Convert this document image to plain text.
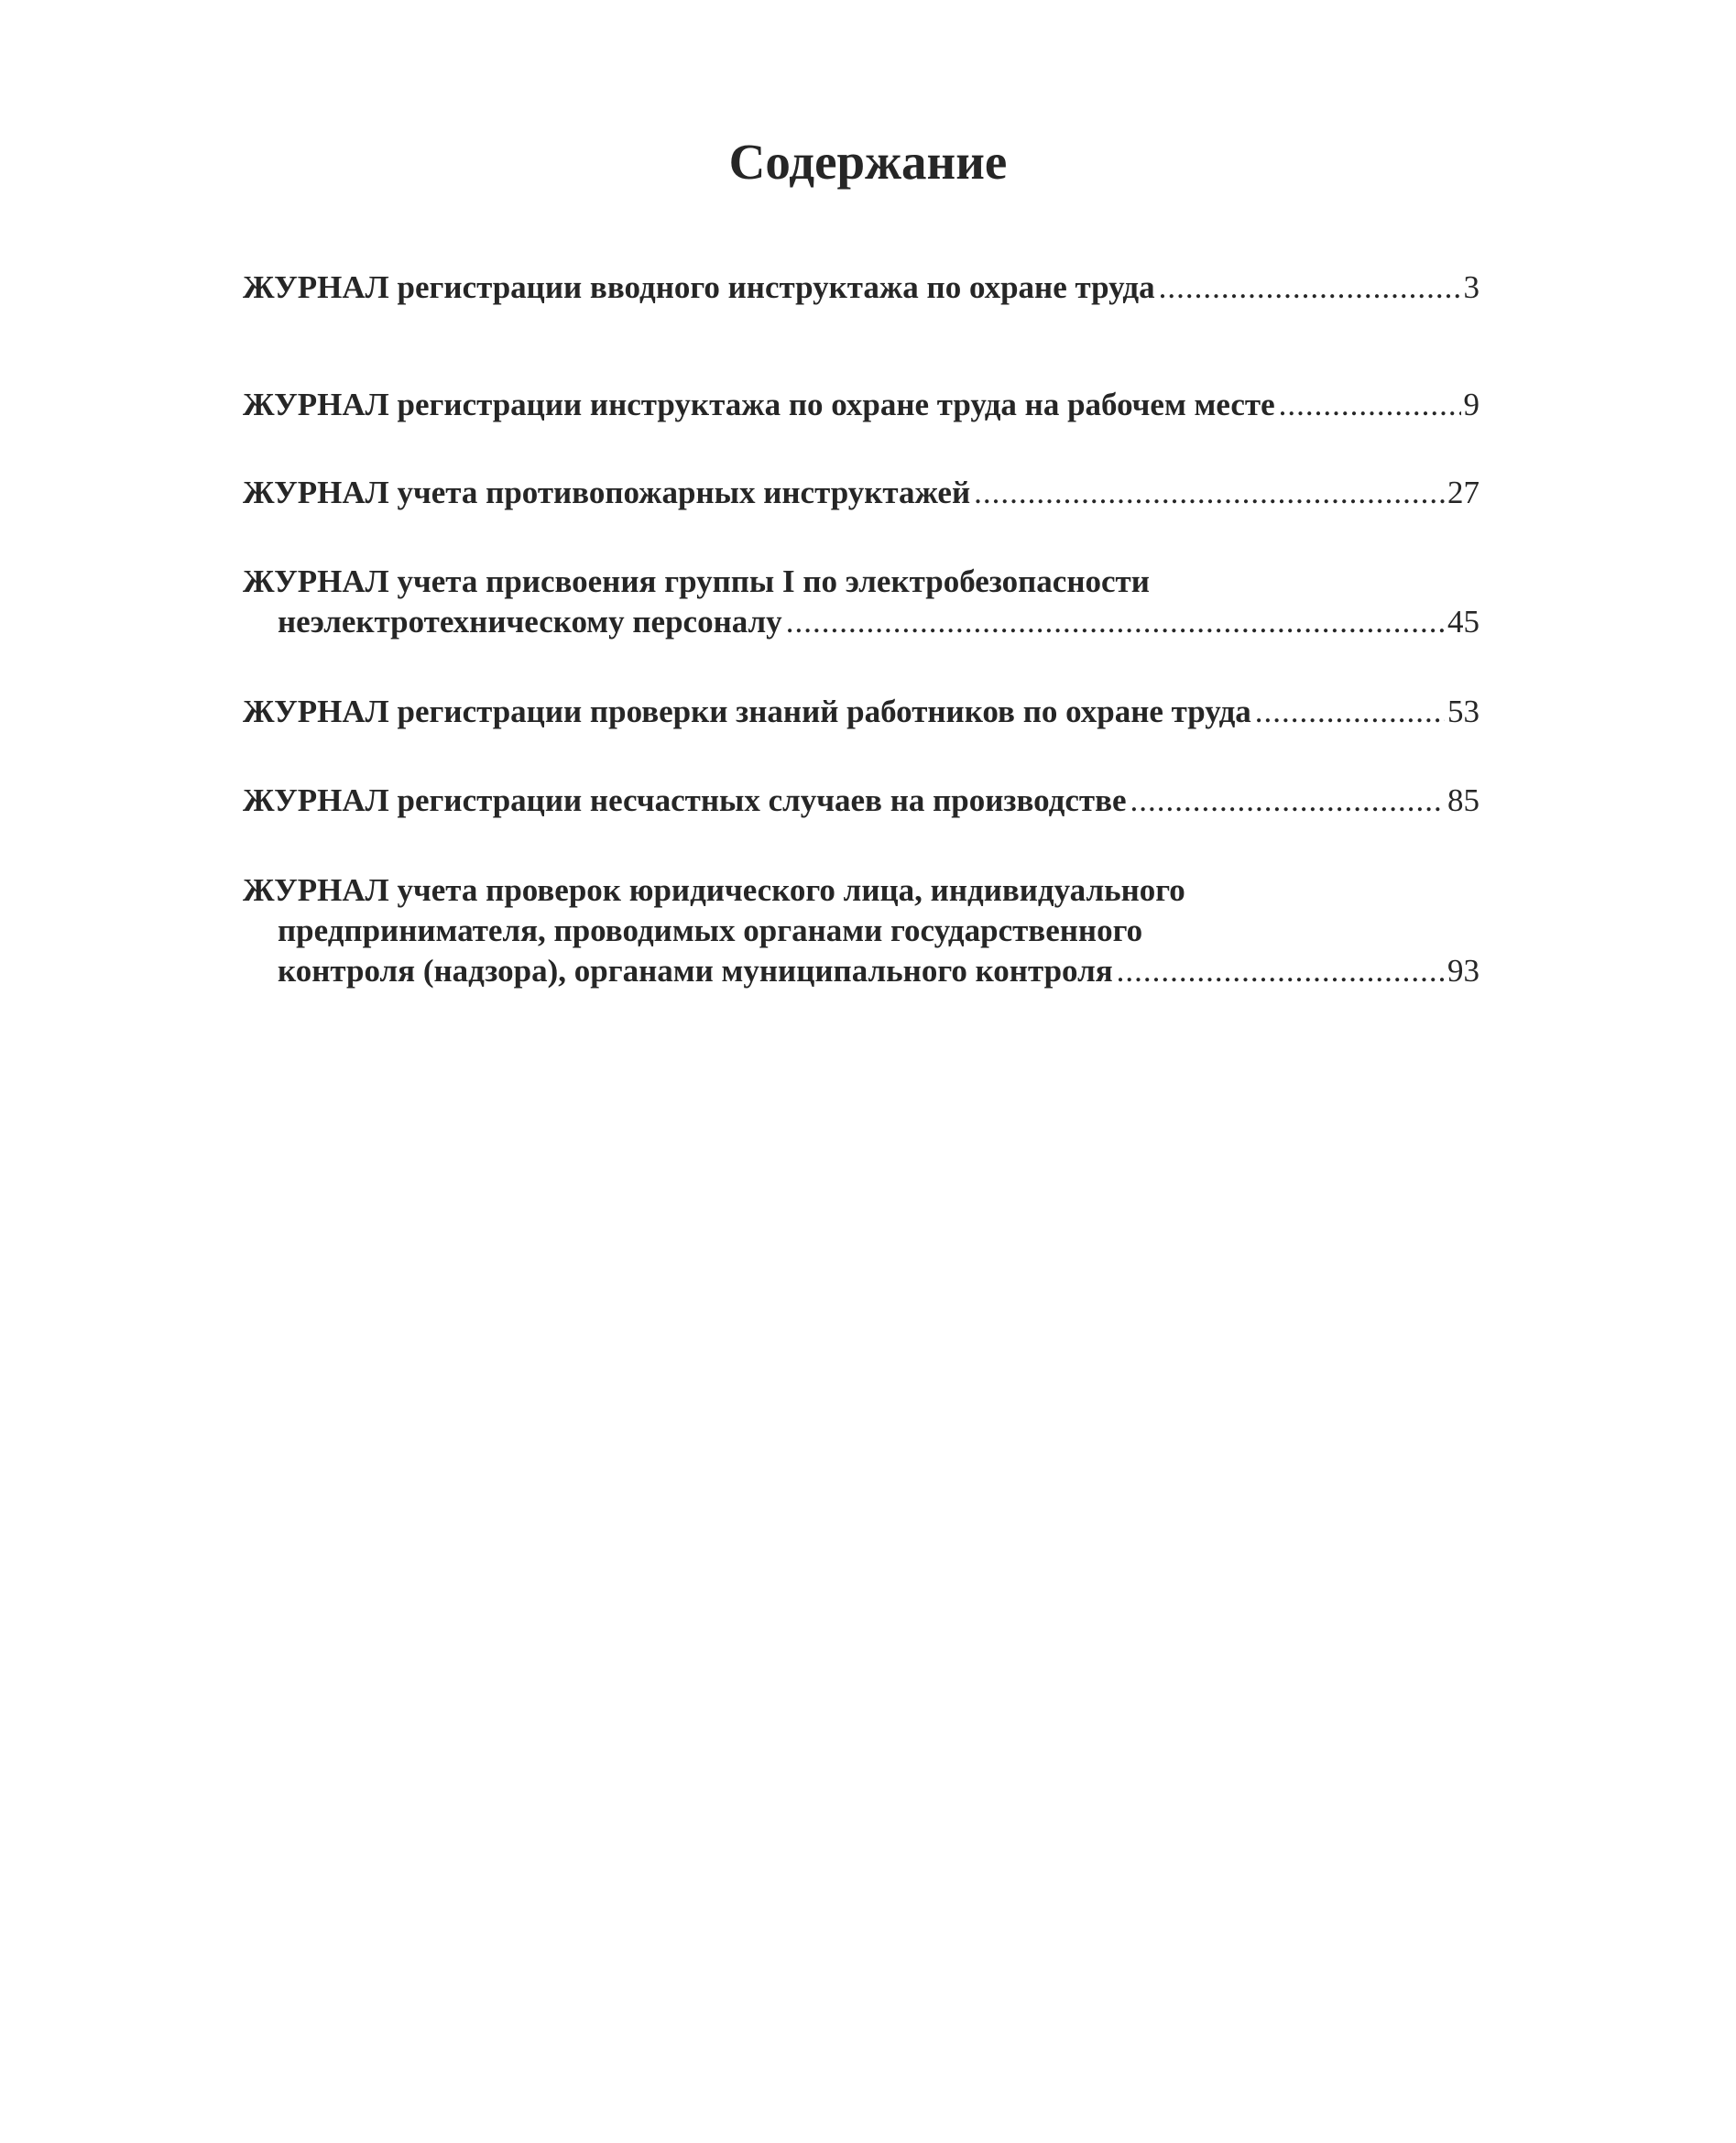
Содержание
ЖУРНАЛ регистрации вводного инструктажа по охране труда .....	3
ЖУРНАЛ регистрации инструктажа по охране труда на рабочем месте .....	9
ЖУРНАЛ учета противопожарных инструктажей .....	27
ЖУРНАЛ учета присвоения группы I по электробезопасности
неэлектротехническому персоналу .....	45
ЖУРНАЛ регистрации проверки знаний работников по охране труда .....	53
ЖУРНАЛ регистрации несчастных случаев на производстве .....	85
ЖУРНАЛ учета проверок юридического лица, индивидуального
предпринимателя, проводимых органами государственного
контроля (надзора), органами муниципального контроля .....	93
